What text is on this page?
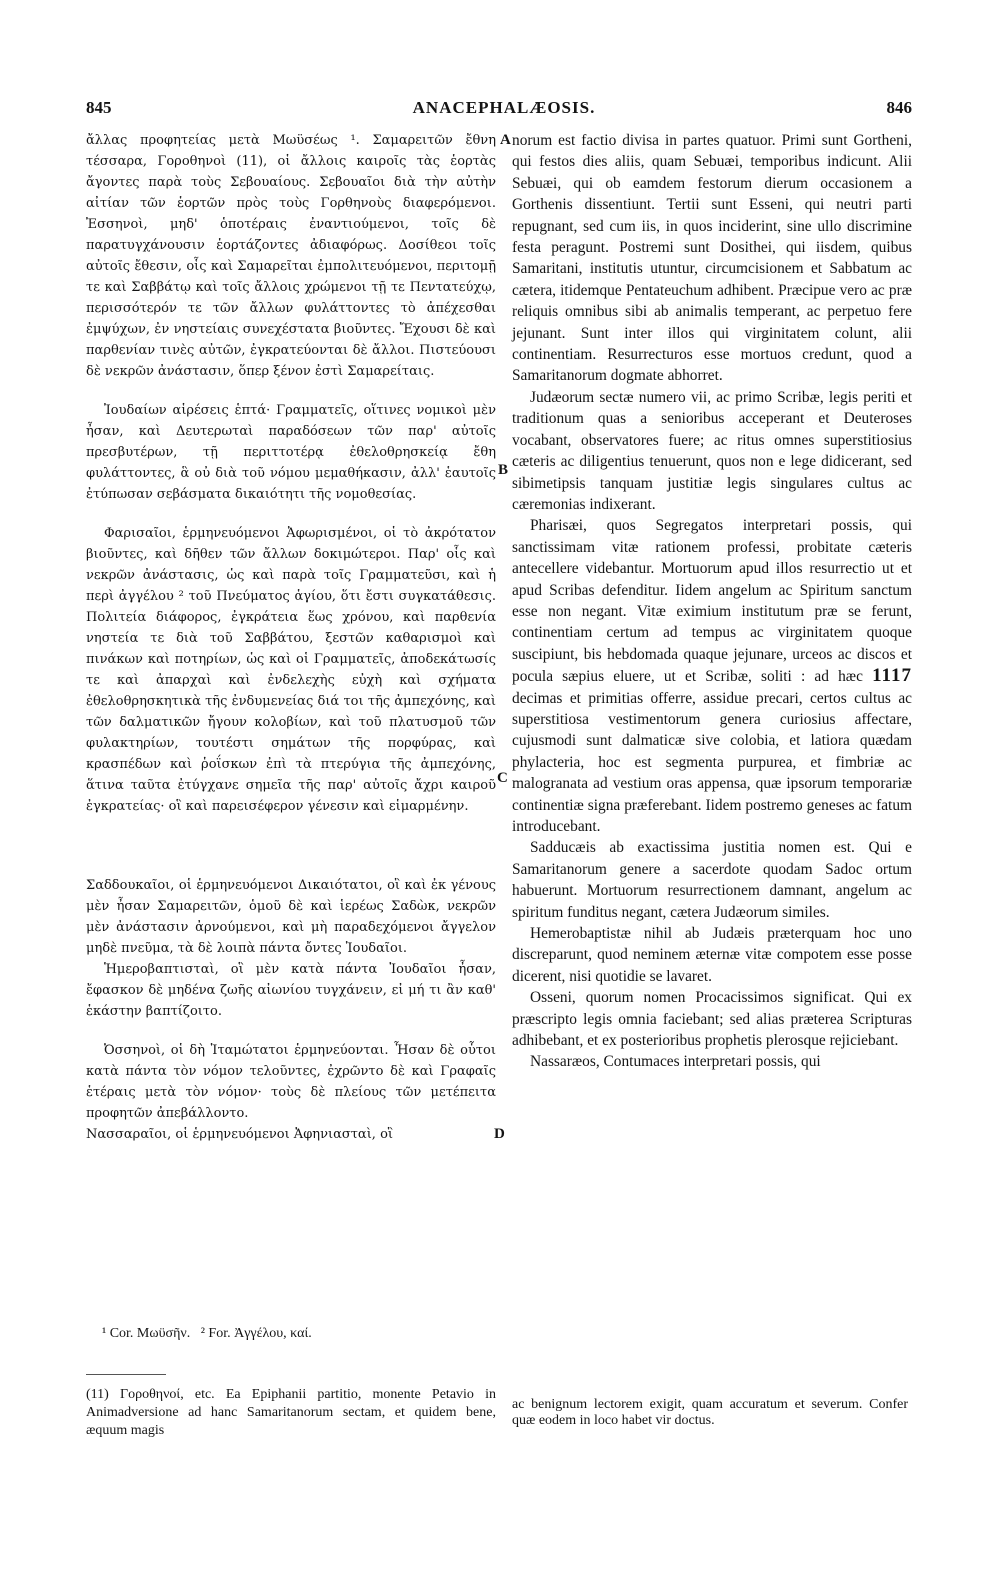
845	ANACEPHALÆOSIS.	846
A
B
C
D

ἄλλας προφητείας μετὰ Μωϋσέως ¹. Σαμαρειτῶν ἔθνη τέσσαρα, Γοροθηνοὶ (11), οἱ ἄλλοις καιροῖς τὰς ἑορτὰς ἄγοντες παρὰ τοὺς Σεβουαίους. Σεβουαῖοι διὰ τὴν αὐτὴν αἰτίαν τῶν ἑορτῶν πρὸς τοὺς Γορθηνοὺς διαφερόμενοι. Ἐσσηνοὶ, μηδ' ὁποτέραις ἐναντιούμενοι, τοῖς δὲ παρατυγχάνουσιν ἑορτάζοντες ἀδιαφόρως. Δοσίθεοι τοῖς αὐτοῖς ἔθεσιν, οἷς καὶ Σαμαρεῖται ἐμπολιτευόμενοι, περιτομῇ τε καὶ Σαββάτῳ καὶ τοῖς ἄλλοις χρώμενοι τῇ τε Πεντατεύχῳ, περισσότερόν τε τῶν ἄλλων φυλάττοντες τὸ ἀπέχεσθαι ἐμψύχων, ἐν νηστείαις συνεχέστατα βιοῦντες. Ἔχουσι δὲ καὶ παρθενίαν τινὲς αὐτῶν, ἐγκρατεύονται δὲ ἄλλοι. Πιστεύουσι δὲ νεκρῶν ἀνάστασιν, ὅπερ ξένον ἐστὶ Σαμαρείταις.

Ἰουδαίων αἱρέσεις ἑπτά· Γραμματεῖς, οἵτινες νομικοὶ μὲν ἦσαν, καὶ Δευτερωταὶ παραδόσεων τῶν παρ' αὐτοῖς πρεσβυτέρων, τῇ περιττοτέρᾳ ἐθελοθρησκείᾳ ἔθη φυλάττοντες, ἃ οὐ διὰ τοῦ νόμου μεμαθήκασιν, ἀλλ' ἑαυτοῖς ἐτύπωσαν σεβάσματα δικαιότητι τῆς νομοθεσίας.

Φαρισαῖοι, ἑρμηνευόμενοι Ἀφωρισμένοι, οἱ τὸ ἀκρότατον βιοῦντες, καὶ δῆθεν τῶν ἄλλων δοκιμώτεροι. Παρ' οἷς καὶ νεκρῶν ἀνάστασις, ὡς καὶ παρὰ τοῖς Γραμματεῦσι, καὶ ἡ περὶ ἀγγέλου ² τοῦ Πνεύματος ἁγίου, ὅτι ἔστι συγκατάθεσις. Πολιτεία διάφορος, ἐγκράτεια ἕως χρόνου, καὶ παρθενία νηστεία τε διὰ τοῦ Σαββάτου, ξεστῶν καθαρισμοὶ καὶ πινάκων καὶ ποτηρίων, ὡς καὶ οἱ Γραμματεῖς, ἀποδεκάτωσίς τε καὶ ἀπαρχαὶ καὶ ἐνδελεχὴς εὐχὴ καὶ σχήματα ἐθελοθρησκητικὰ τῆς ἐνδυμενείας διά τοι τῆς ἀμπεχόνης, καὶ τῶν δαλματικῶν ἤγουν κολοβίων, καὶ τοῦ πλατυσμοῦ τῶν φυλακτηρίων, τουτέστι σημάτων τῆς πορφύρας, καὶ κρασπέδων καὶ ῥοΐσκων ἐπὶ τὰ πτερύγια τῆς ἀμπεχόνης, ἅτινα ταῦτα ἐτύγχανε σημεῖα τῆς παρ' αὐτοῖς ἄχρι καιροῦ ἐγκρατείας· οἳ καὶ παρεισέφερον γένεσιν καὶ εἱμαρμένην.

Σαδδουκαῖοι, οἱ ἑρμηνευόμενοι Δικαιότατοι, οἳ καὶ ἐκ γένους μὲν ἦσαν Σαμαρειτῶν, ὁμοῦ δὲ καὶ ἱερέως Σαδὼκ, νεκρῶν μὲν ἀνάστασιν ἀρνούμενοι, καὶ μὴ παραδεχόμενοι ἄγγελον μηδὲ πνεῦμα, τὰ δὲ λοιπὰ πάντα ὄντες Ἰουδαῖοι.

Ἡμεροβαπτισταὶ, οἳ μὲν κατὰ πάντα Ἰουδαῖοι ἦσαν, ἔφασκον δὲ μηδένα ζωῆς αἰωνίου τυγχάνειν, εἰ μή τι ἂν καθ' ἑκάστην βαπτίζοιτο.

Ὀσσηνοὶ, οἱ δὴ Ἰταμώτατοι ἑρμηνεύονται. Ἦσαν δὲ οὗτοι κατὰ πάντα τὸν νόμον τελοῦντες, ἐχρῶντο δὲ καὶ Γραφαῖς ἑτέραις μετὰ τὸν νόμον· τοὺς δὲ πλείους τῶν μετέπειτα προφητῶν ἀπεβάλλοντο.

Νασσαραῖοι, οἱ ἑρμηνευόμενοι Ἀφηνιασταὶ, οἳ

norum est factio divisa in partes quatuor. Primi sunt Gortheni, qui festos dies aliis, quam Sebuæi, temporibus indicunt. Alii Sebuæi, qui ob eamdem festorum dierum occasionem a Gorthenis dissentiunt. Tertii sunt Esseni, qui neutri parti repugnant, sed cum iis, in quos inciderint, sine ullo discrimine festa peragunt. Postremi sunt Dosithei, qui iisdem, quibus Samaritani, institutis utuntur, circumcisionem et Sabbatum ac cætera, itidemque Pentateuchum adhibent. Præcipue vero ac præ reliquis omnibus sibi ab animalis temperant, ac perpetuo fere jejunant. Sunt inter illos qui virginitatem colunt, alii continentiam. Resurrecturos esse mortuos credunt, quod a Samaritanorum dogmate abhorret.

Judæorum sectæ numero vii, ac primo Scribæ, legis periti et traditionum quas a senioribus acceperant et Deuteroses vocabant, observatores fuere; ac ritus omnes superstitiosius cæteris ac diligentius tenuerunt, quos non e lege didicerant, sed sibimetipsis tanquam justitiæ legis singulares cultus ac cæremonias indixerant.

Pharisæi, quos Segregatos interpretari possis, qui sanctissimam vitæ rationem professi, probitate cæteris antecellere videbantur. Mortuorum apud illos resurrectio ut et apud Scribas defenditur. Iidem angelum ac Spiritum sanctum esse non negant. Vitæ eximium institutum præ se ferunt, continentiam certum ad tempus ac virginitatem quoque suscipiunt, bis hebdomada quaque jejunare, urceos ac discos et pocula sæpius eluere, ut et Scribæ, soliti : ad hæc 1117 decimas et primitias offerre, assidue precari, certos cultus ac superstitiosa vestimentorum genera curiosius affectare, cujusmodi sunt dalmaticæ sive colobia, et latiora quædam phylacteria, hoc est segmenta purpurea, et fimbriæ ac malogranata ad vestium oras appensa, quæ ipsorum temporariæ continentiæ signa præferebant. Iidem postremo geneses ac fatum introducebant.

Sadducæis ab exactissima justitia nomen est. Qui e Samaritanorum genere a sacerdote quodam Sadoc ortum habuerunt. Mortuorum resurrectionem damnant, angelum ac spiritum funditus negant, cætera Judæorum similes.

Hemerobaptistæ nihil ab Judæis præterquam hoc uno discreparunt, quod neminem æternæ vitæ compotem esse posse dicerent, nisi quotidie se lavaret.

Osseni, quorum nomen Procacissimos significat. Qui ex præscripto legis omnia faciebant; sed alias præterea Scripturas adhibebant, et ex posterioribus prophetis plerosque rejiciebant.

Nassaræos, Contumaces interpretari possis, qui

¹ Cor. Μωϋσῆν. ² For. Ἀγγέλου, καί.
(11) Γοροθηνοί, etc. Ea Epiphanii partitio, monente Petavio in Animadversione ad hanc Samaritanorum sectam, et quidem bene, æquum magis
ac benignum lectorem exigit, quam accuratum et severum. Confer quæ eodem in loco habet vir doctus.
